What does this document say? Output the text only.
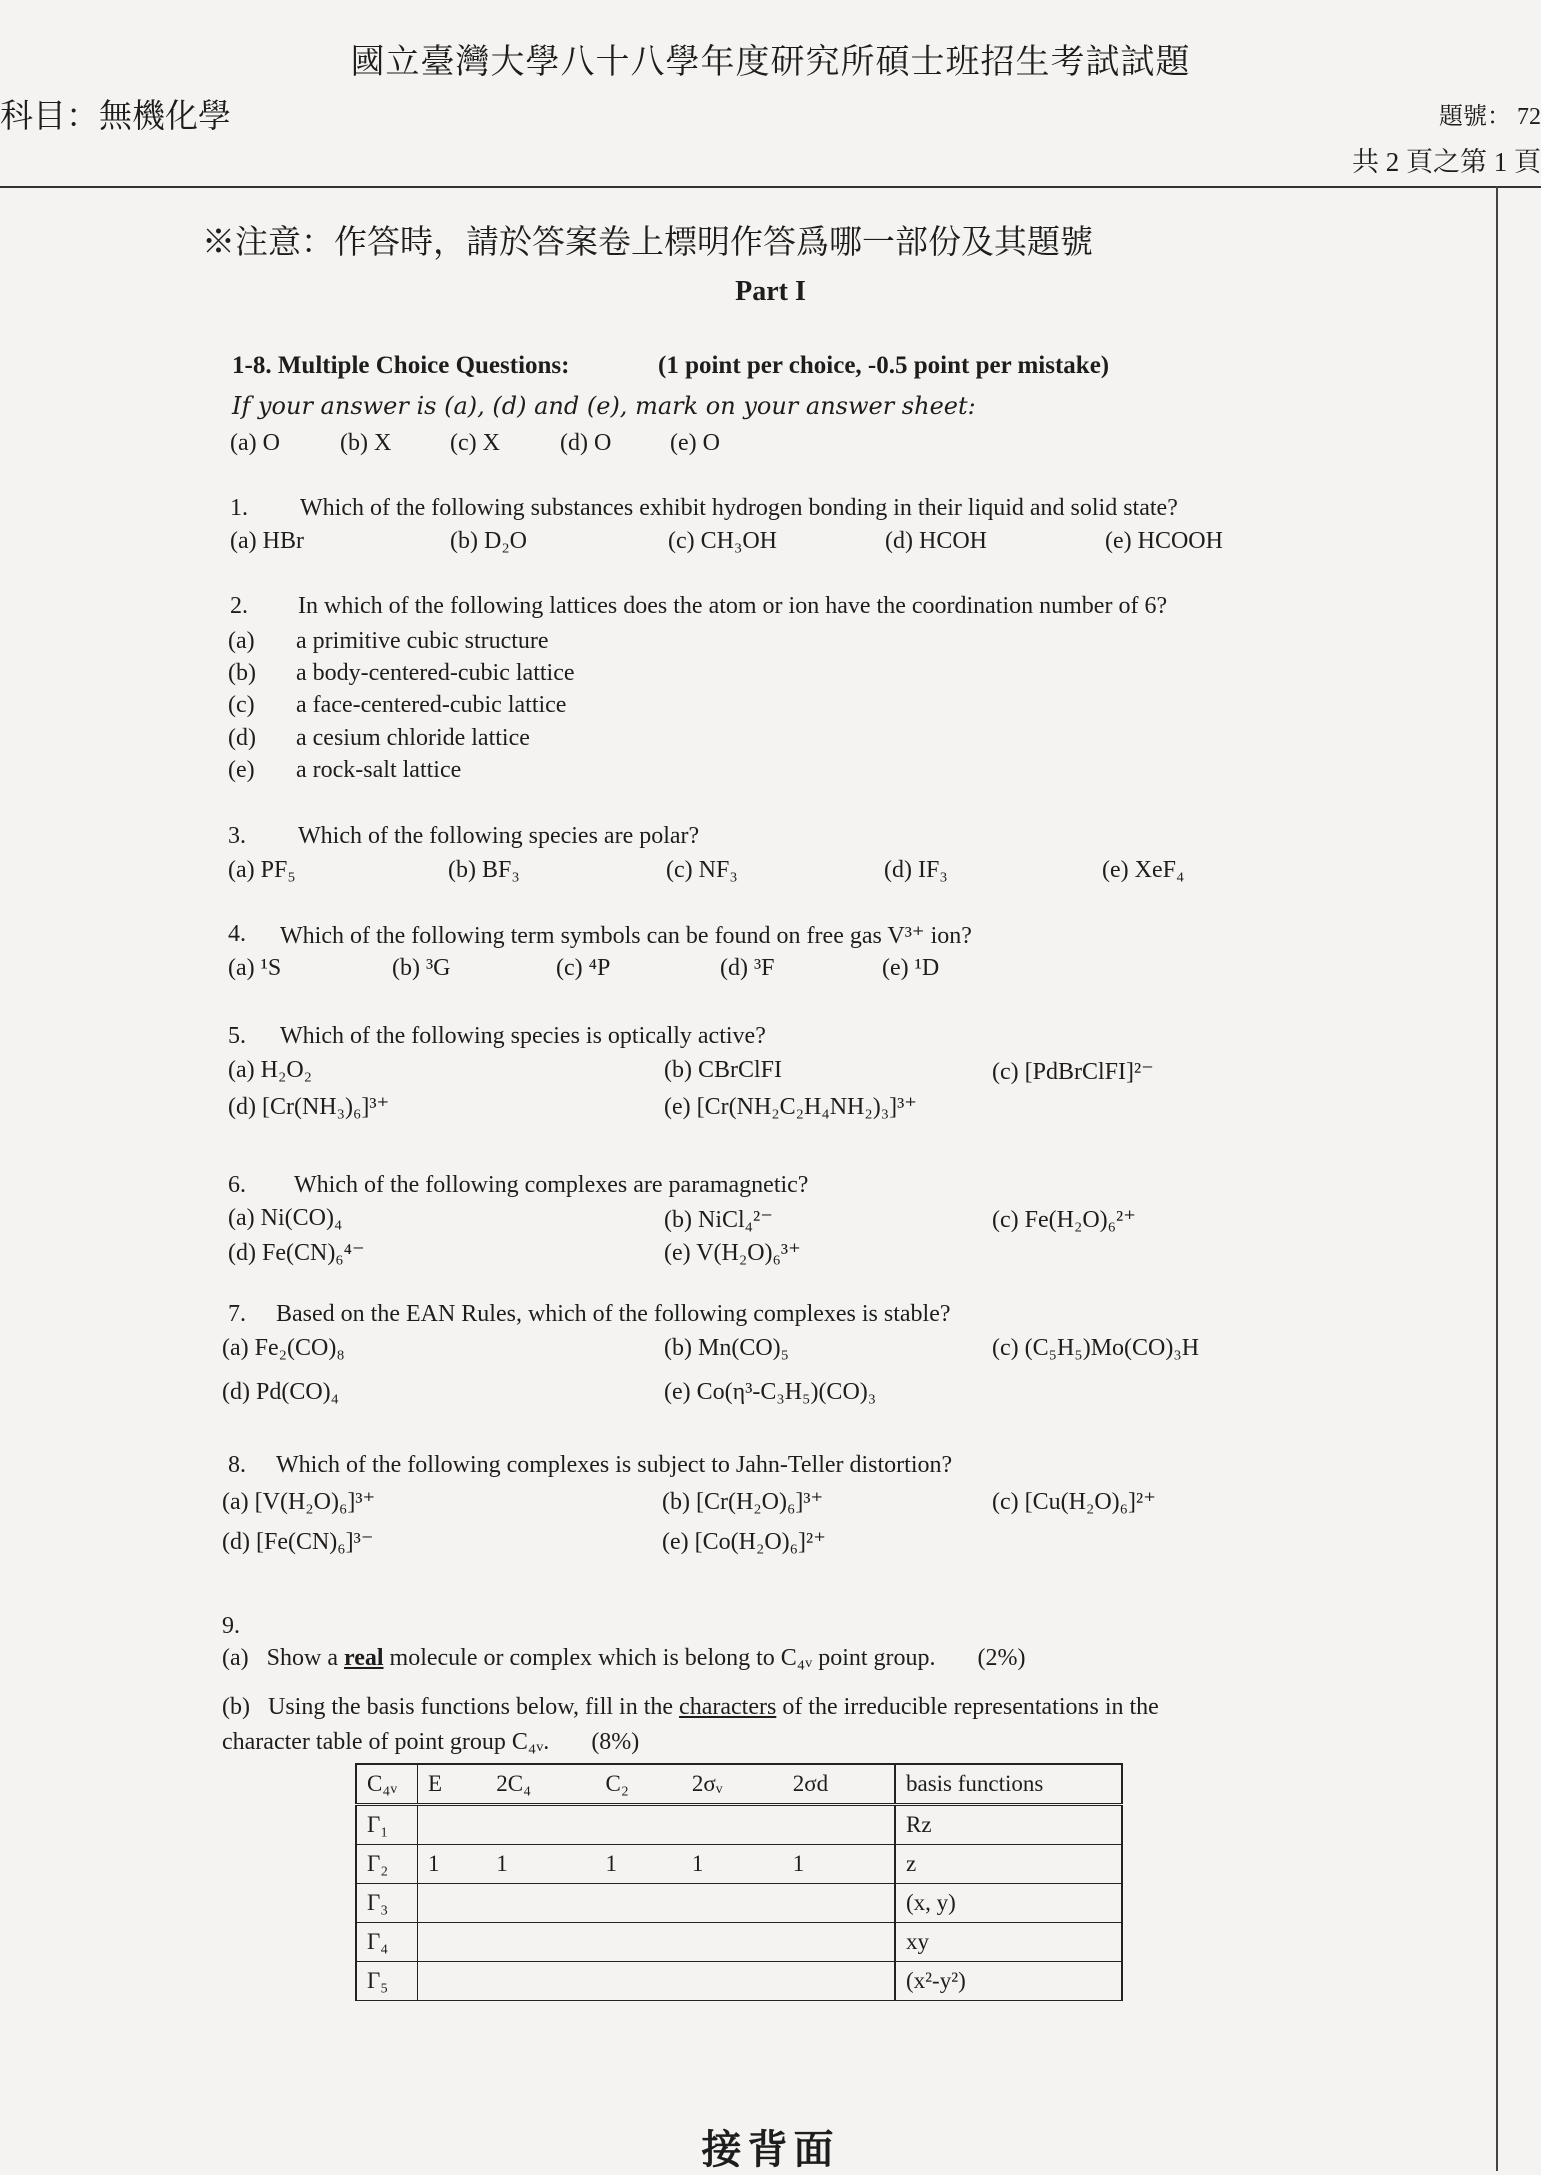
國立臺灣大學八十八學年度研究所碩士班招生考試試題
科目：無機化學	題號： 72
共 2 頁之第 1 頁
※注意：作答時，請於答案卷上標明作答爲哪一部份及其題號
Part I
1-8. Multiple Choice Questions:	(1 point per choice, -0.5 point per mistake)
If your answer is (a), (d) and (e), mark on your answer sheet:
(a) O	(b) X (c) X	(d) O (e) O
1. Which of the following substances exhibit hydrogen bonding in their liquid and solid state?
(a) HBr	(b) D₂O	(c) CH₃OH	(d) HCOH	(e) HCOOH
2. In which of the following lattices does the atom or ion have the coordination number of 6?
(a) a primitive cubic structure
(b) a body-centered-cubic lattice
(c) a face-centered-cubic lattice
(d) a cesium chloride lattice
(e) a rock-salt lattice
3. Which of the following species are polar?
(a) PF₅	(b) BF₃	(c) NF₃	(d) IF₃	(e) XeF₄
4. Which of the following term symbols can be found on free gas V³⁺ ion?
(a) ¹S	(b) ³G	(c) ⁴P	(d) ³F	(e) ¹D
5. Which of the following species is optically active?
(a) H₂O₂	(b) CBrClFI	(c) [PdBrClFI]²⁻
(d) [Cr(NH₃)₆]³⁺	(e) [Cr(NH₂C₂H₄NH₂)₃]³⁺
6. Which of the following complexes are paramagnetic?
(a) Ni(CO)₄	(b) NiCl₄²⁻	(c) Fe(H₂O)₆²⁺
(d) Fe(CN)₆⁴⁻	(e) V(H₂O)₆³⁺
7. Based on the EAN Rules, which of the following complexes is stable?
(a) Fe₂(CO)₈	(b) Mn(CO)₅	(c) (C₅H₅)Mo(CO)₃H
(d) Pd(CO)₄	(e) Co(η³-C₃H₅)(CO)₃
8. Which of the following complexes is subject to Jahn-Teller distortion?
(a) [V(H₂O)₆]³⁺	(b) [Cr(H₂O)₆]³⁺	(c) [Cu(H₂O)₆]²⁺
(d) [Fe(CN)₆]³⁻	(e) [Co(H₂O)₆]²⁺
9.
(a) Show a real molecule or complex which is belong to C₄ᵥ point group. (2%)
(b) Using the basis functions below, fill in the characters of the irreducible representations in the
character table of point group C₄ᵥ. (8%)
C₄ᵥ	E	2C₄	C₂	2σᵥ	2σd	basis functions
Γ₁						Rz
Γ₂	1	1	1	1	1	z
Γ₃						(x, y)
Γ₄						xy
Γ₅						(x²-y²)
接背面
